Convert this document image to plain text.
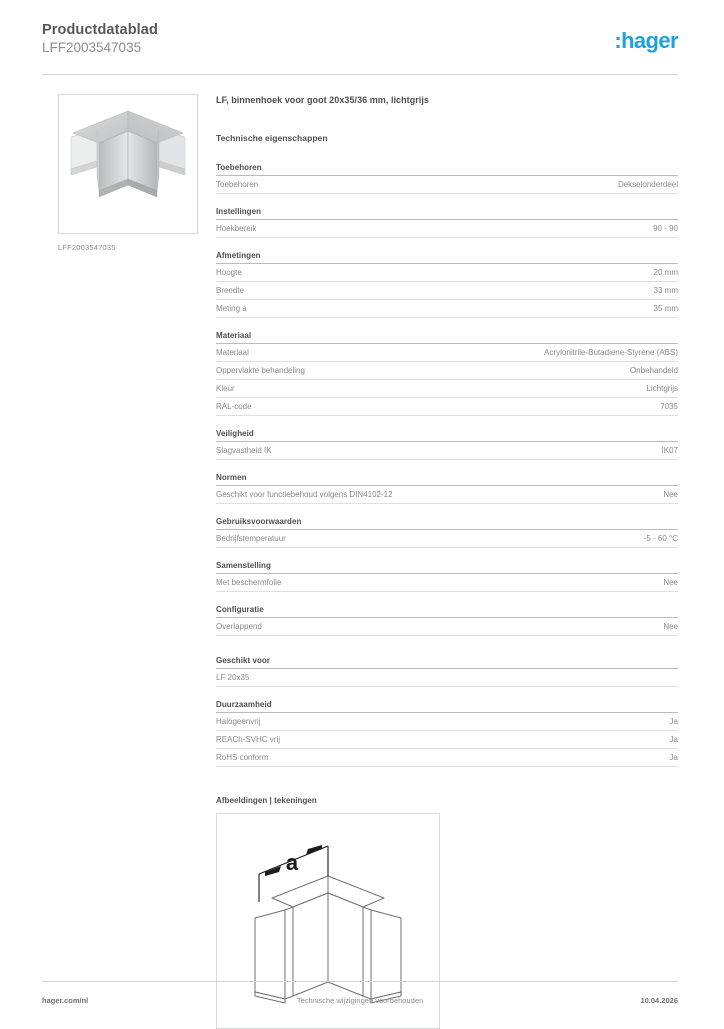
Productdatablad
LFF2003547035	:hager
LFF2003547035
LF, binnenhoek voor goot 20x35/36 mm, lichtgrijs
Technische eigenschappen
Toebehoren
Toebehoren	Dekselonderdeel
Instellingen
Hoekbereik	90 - 90
Afmetingen
Hoogte	20 mm
Breedte	33 mm
Meting a	35 mm
Materiaal
Materiaal	Acrylonitrile-Butadiene-Styrene (ABS)
Oppervlakte behandeling	Onbehandeld
Kleur	Lichtgrijs
RAL-code	7035
Veiligheid
Slagvastheid IK	IK07
Normen
Geschikt voor functiebehoud volgens DIN4102-12	Nee
Gebruiksvoorwaarden
Bedrijfstemperatuur	-5 - 60 °C
Samenstelling
Met beschermfolie	Nee
Configuratie
Overlappend	Nee
Geschikt voor
LF 20x35
Duurzaamheid
Halogeenvrij	Ja
REACh-SVHC vrij	Ja
RoHS conform	Ja
Afbeeldingen | tekeningen
a
hager.com/nl	Technische wijzigingen voorbehouden	10.04.2026
